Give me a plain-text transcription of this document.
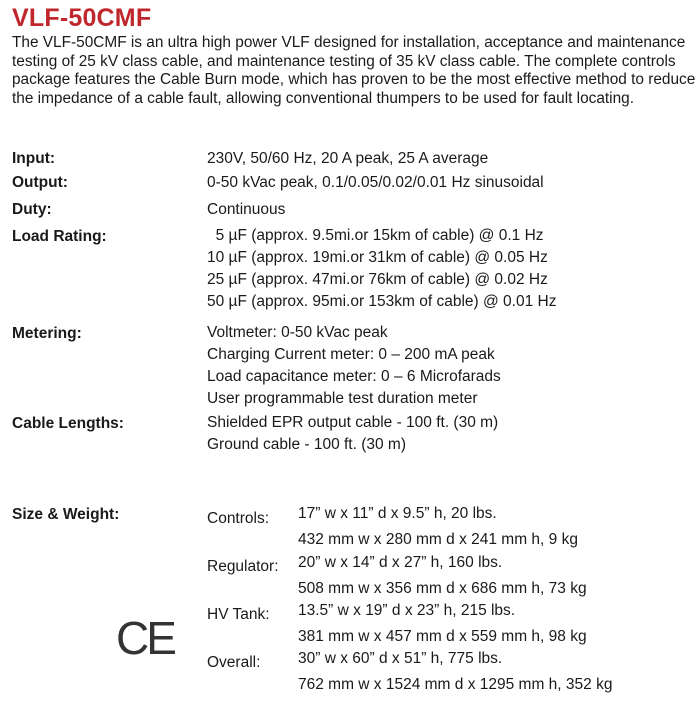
VLF-50CMF

The VLF-50CMF is an ultra high power VLF designed for installation, acceptance and maintenance testing of 25 kV class cable, and maintenance testing of 35 kV class cable. The complete controls package features the Cable Burn mode, which has proven to be the most effective method to reduce the impedance of a cable fault, allowing conventional thumpers to be used for fault locating.

Input:	230V, 50/60 Hz, 20 A peak, 25 A average
Output:	0-50 kVac peak, 0.1/0.05/0.02/0.01 Hz sinusoidal
Duty:	Continuous
Load Rating:	5 µF (approx. 9.5mi.or 15km of cable) @ 0.1 Hz
10 µF (approx. 19mi.or 31km of cable) @ 0.05 Hz
25 µF (approx. 47mi.or 76km of cable) @ 0.02 Hz
50 µF (approx. 95mi.or 153km of cable) @ 0.01 Hz
Metering:	Voltmeter: 0-50 kVac peak
Charging Current meter: 0 – 200 mA peak
Load capacitance meter: 0 – 6 Microfarads
User programmable test duration meter
Cable Lengths:	Shielded EPR output cable - 100 ft. (30 m)
Ground cable - 100 ft. (30 m)
Size & Weight:	Controls: 17” w x 11” d x 9.5” h, 20 lbs.
432 mm w x 280 mm d x 241 mm h, 9 kg
Regulator: 20” w x 14” d x 27” h, 160 lbs.
508 mm w x 356 mm d x 686 mm h, 73 kg
HV Tank: 13.5” w x 19” d x 23” h, 215 lbs.
381 mm w x 457 mm d x 559 mm h, 98 kg
Overall: 30” w x 60” d x 51” h, 775 lbs.
762 mm w x 1524 mm d x 1295 mm h, 352 kg
CE
